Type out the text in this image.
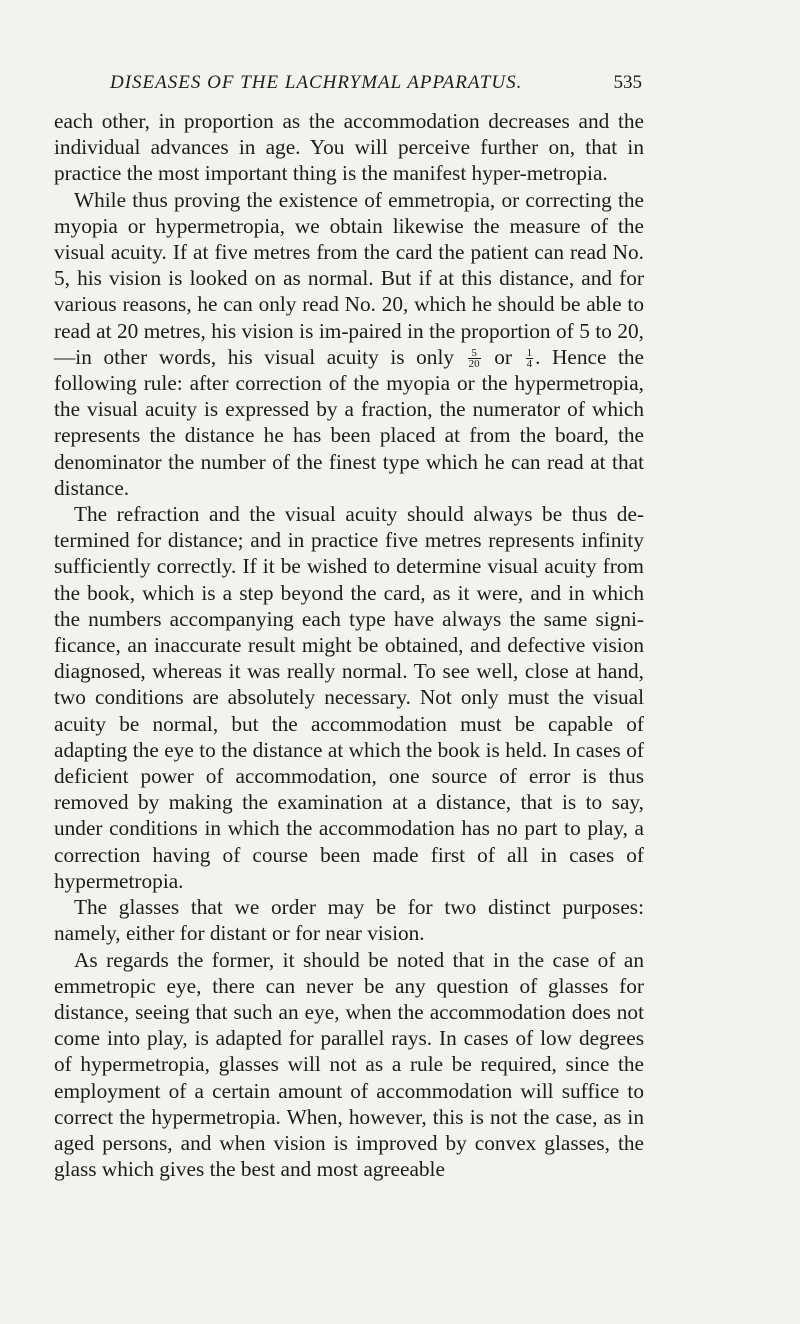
DISEASES OF THE LACHRYMAL APPARATUS.	535

each other, in proportion as the accommodation decreases and the individual advances in age. You will perceive further on, that in practice the most important thing is the manifest hyper-metropia.

While thus proving the existence of emmetropia, or correcting the myopia or hypermetropia, we obtain likewise the measure of the visual acuity. If at five metres from the card the patient can read No. 5, his vision is looked on as normal. But if at this distance, and for various reasons, he can only read No. 20, which he should be able to read at 20 metres, his vision is im-paired in the proportion of 5 to 20,—in other words, his visual acuity is only $\frac{5}{20}$ or $\frac{1}{4}$ . Hence the following rule: after correction of the myopia or the hypermetropia, the visual acuity is expressed by a fraction, the numerator of which represents the distance he has been placed at from the board, the denominator the number of the finest type which he can read at that distance.

The refraction and the visual acuity should always be thus de-termined for distance; and in practice five metres represents infinity sufficiently correctly. If it be wished to determine visual acuity from the book, which is a step beyond the card, as it were, and in which the numbers accompanying each type have always the same signi-ficance, an inaccurate result might be obtained, and defective vision diagnosed, whereas it was really normal. To see well, close at hand, two conditions are absolutely necessary. Not only must the visual acuity be normal, but the accommodation must be capable of adapting the eye to the distance at which the book is held. In cases of deficient power of accommodation, one source of error is thus removed by making the examination at a distance, that is to say, under conditions in which the accommodation has no part to play, a correction having of course been made first of all in cases of hypermetropia.

The glasses that we order may be for two distinct purposes: namely, either for distant or for near vision.

As regards the former, it should be noted that in the case of an emmetropic eye, there can never be any question of glasses for distance, seeing that such an eye, when the accommodation does not come into play, is adapted for parallel rays. In cases of low degrees of hypermetropia, glasses will not as a rule be required, since the employment of a certain amount of accommodation will suffice to correct the hypermetropia. When, however, this is not the case, as in aged persons, and when vision is improved by convex glasses, the glass which gives the best and most agreeable
